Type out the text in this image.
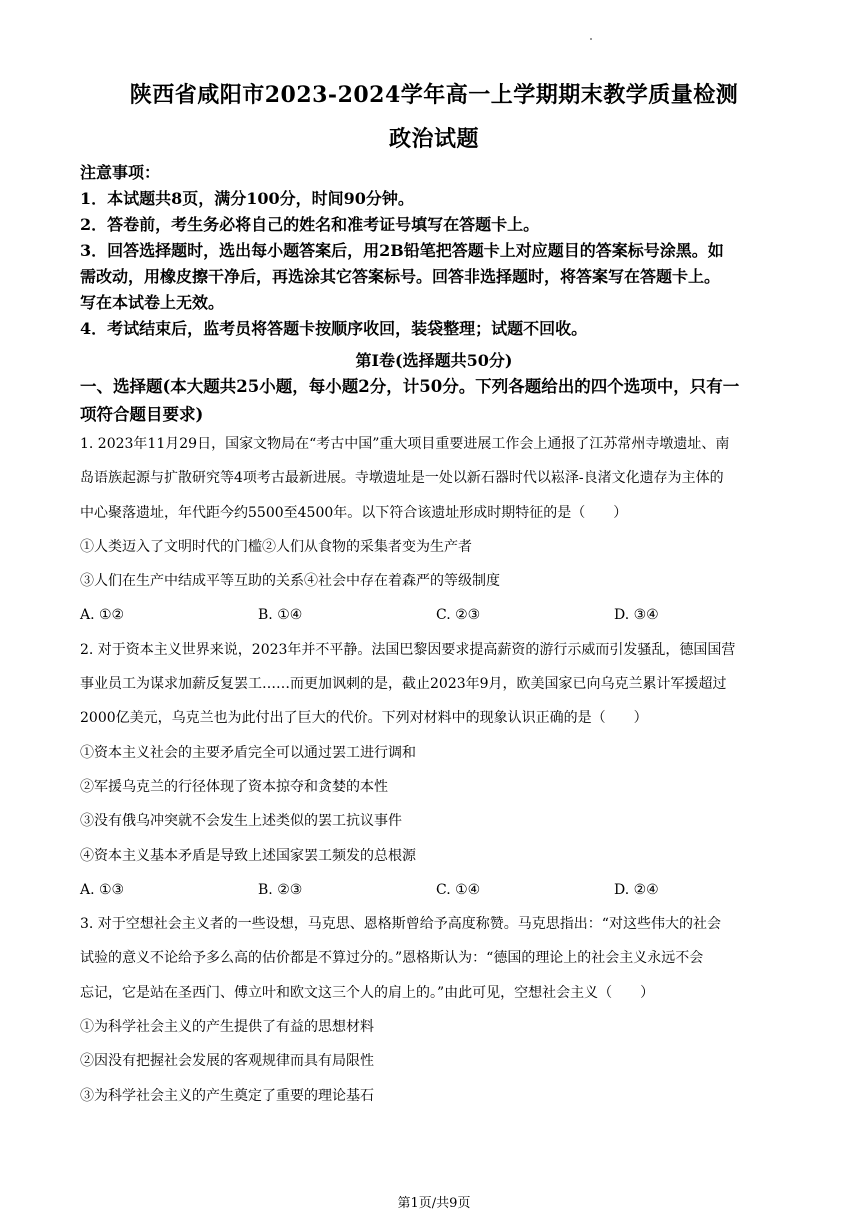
陕西省咸阳市2023-2024学年高一上学期期末教学质量检测
政治试题
注意事项：
1．本试题共8页，满分100分，时间90分钟。
2．答卷前，考生务必将自己的姓名和准考证号填写在答题卡上。
3．回答选择题时，选出每小题答案后，用2B铅笔把答题卡上对应题目的答案标号涂黑。如
需改动，用橡皮擦干净后，再选涂其它答案标号。回答非选择题时，将答案写在答题卡上。
写在本试卷上无效。
4．考试结束后，监考员将答题卡按顺序收回，装袋整理；试题不回收。
第Ⅰ卷(选择题共50分)
一、选择题(本大题共25小题，每小题2分，计50分。下列各题给出的四个选项中，只有一
项符合题目要求)
1. 2023年11月29日，国家文物局在“考古中国”重大项目重要进展工作会上通报了江苏常州寺墩遗址、南
岛语族起源与扩散研究等4项考古最新进展。寺墩遗址是一处以新石器时代以崧泽-良渚文化遗存为主体的
中心聚落遗址，年代距今约5500至4500年。以下符合该遗址形成时期特征的是（　　）
①人类迈入了文明时代的门槛②人们从食物的采集者变为生产者
③人们在生产中结成平等互助的关系④社会中存在着森严的等级制度
A. ①②	B. ①④	C. ②③	D. ③④
2. 对于资本主义世界来说，2023年并不平静。法国巴黎因要求提高薪资的游行示威而引发骚乱，德国国营
事业员工为谋求加薪反复罢工……而更加讽刺的是，截止2023年9月，欧美国家已向乌克兰累计军援超过
2000亿美元，乌克兰也为此付出了巨大的代价。下列对材料中的现象认识正确的是（　　）
①资本主义社会的主要矛盾完全可以通过罢工进行调和
②军援乌克兰的行径体现了资本掠夺和贪婪的本性
③没有俄乌冲突就不会发生上述类似的罢工抗议事件
④资本主义基本矛盾是导致上述国家罢工频发的总根源
A. ①③	B. ②③	C. ①④	D. ②④
3. 对于空想社会主义者的一些设想，马克思、恩格斯曾给予高度称赞。马克思指出：“对这些伟大的社会
试验的意义不论给予多么高的估价都是不算过分的。”恩格斯认为：“德国的理论上的社会主义永远不会
忘记，它是站在圣西门、傅立叶和欧文这三个人的肩上的。”由此可见，空想社会主义（　　）
①为科学社会主义的产生提供了有益的思想材料
②因没有把握社会发展的客观规律而具有局限性
③为科学社会主义的产生奠定了重要的理论基石
第1页/共9页
